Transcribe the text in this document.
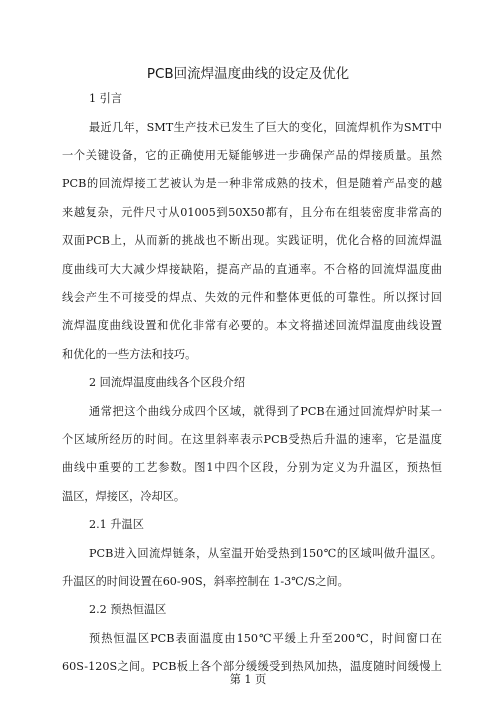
PCB回流焊温度曲线的设定及优化
1 引言
最近几年，SMT生产技术已发生了巨大的变化，回流焊机作为SMT中
一个关键设备，它的正确使用无疑能够进一步确保产品的焊接质量。虽然
PCB的回流焊接工艺被认为是一种非常成熟的技术，但是随着产品变的越
来越复杂，元件尺寸从01005到50X50都有，且分布在组装密度非常高的
双面PCB上，从而新的挑战也不断出现。实践证明，优化合格的回流焊温
度曲线可大大减少焊接缺陷，提高产品的直通率。不合格的回流焊温度曲
线会产生不可接受的焊点、失效的元件和整体更低的可靠性。所以探讨回
流焊温度曲线设置和优化非常有必要的。本文将描述回流焊温度曲线设置
和优化的一些方法和技巧。
2 回流焊温度曲线各个区段介绍
通常把这个曲线分成四个区域，就得到了PCB在通过回流焊炉时某一
个区域所经历的时间。在这里斜率表示PCB受热后升温的速率，它是温度
曲线中重要的工艺参数。图1中四个区段，分别为定义为升温区，预热恒
温区，焊接区，冷却区。
2.1 升温区
PCB进入回流焊链条，从室温开始受热到150℃的区域叫做升温区。
升温区的时间设置在60-90S，斜率控制在 1-3℃/S之间。
2.2 预热恒温区
预热恒温区PCB表面温度由150℃平缓上升至200℃，时间窗口在
60S-120S之间。PCB板上各个部分缓缓受到热风加热，温度随时间缓慢上
第 1 页
